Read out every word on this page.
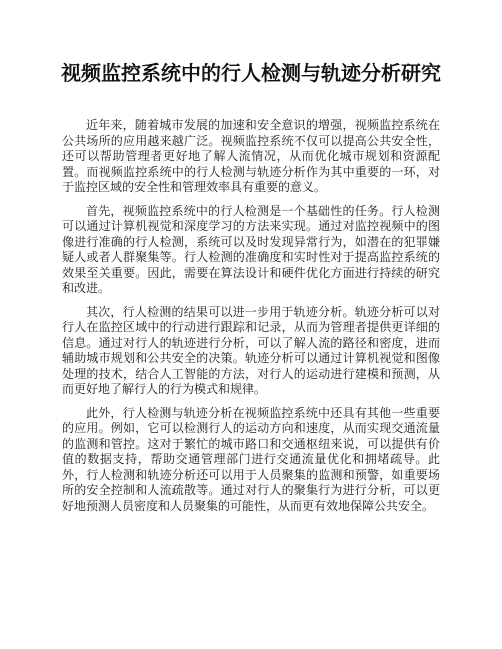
视频监控系统中的行人检测与轨迹分析研究

近年来，随着城市发展的加速和安全意识的增强，视频监控系统在公共场所的应用越来越广泛。视频监控系统不仅可以提高公共安全性，还可以帮助管理者更好地了解人流情况，从而优化城市规划和资源配置。而视频监控系统中的行人检测与轨迹分析作为其中重要的一环，对于监控区域的安全性和管理效率具有重要的意义。

首先，视频监控系统中的行人检测是一个基础性的任务。行人检测可以通过计算机视觉和深度学习的方法来实现。通过对监控视频中的图像进行准确的行人检测，系统可以及时发现异常行为，如潜在的犯罪嫌疑人或者人群聚集等。行人检测的准确度和实时性对于提高监控系统的效果至关重要。因此，需要在算法设计和硬件优化方面进行持续的研究和改进。

其次，行人检测的结果可以进一步用于轨迹分析。轨迹分析可以对行人在监控区域中的行动进行跟踪和记录，从而为管理者提供更详细的信息。通过对行人的轨迹进行分析，可以了解人流的路径和密度，进而辅助城市规划和公共安全的决策。轨迹分析可以通过计算机视觉和图像处理的技术，结合人工智能的方法，对行人的运动进行建模和预测，从而更好地了解行人的行为模式和规律。

此外，行人检测与轨迹分析在视频监控系统中还具有其他一些重要的应用。例如，它可以检测行人的运动方向和速度，从而实现交通流量的监测和管控。这对于繁忙的城市路口和交通枢纽来说，可以提供有价值的数据支持，帮助交通管理部门进行交通流量优化和拥堵疏导。此外，行人检测和轨迹分析还可以用于人员聚集的监测和预警，如重要场所的安全控制和人流疏散等。通过对行人的聚集行为进行分析，可以更好地预测人员密度和人员聚集的可能性，从而更有效地保障公共安全。
